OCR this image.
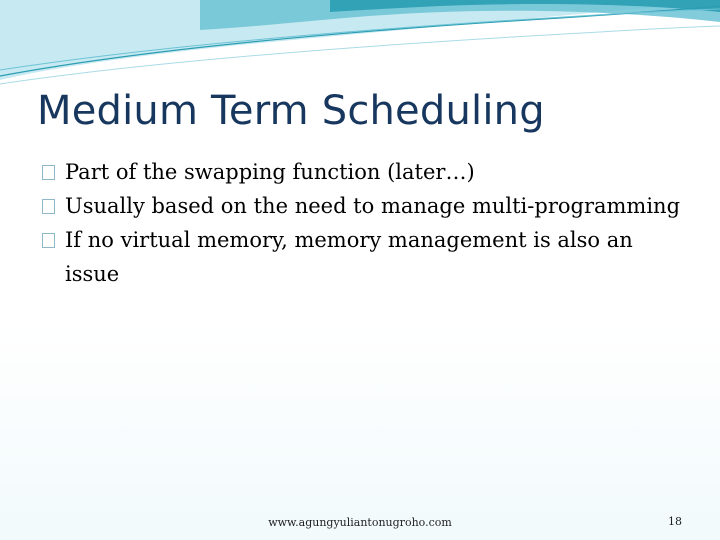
Medium Term Scheduling
Part of the swapping function (later…)
Usually based on the need to manage multi-programming
If no virtual memory, memory management is also an issue
www.agungyuliantonugroho.com	18
